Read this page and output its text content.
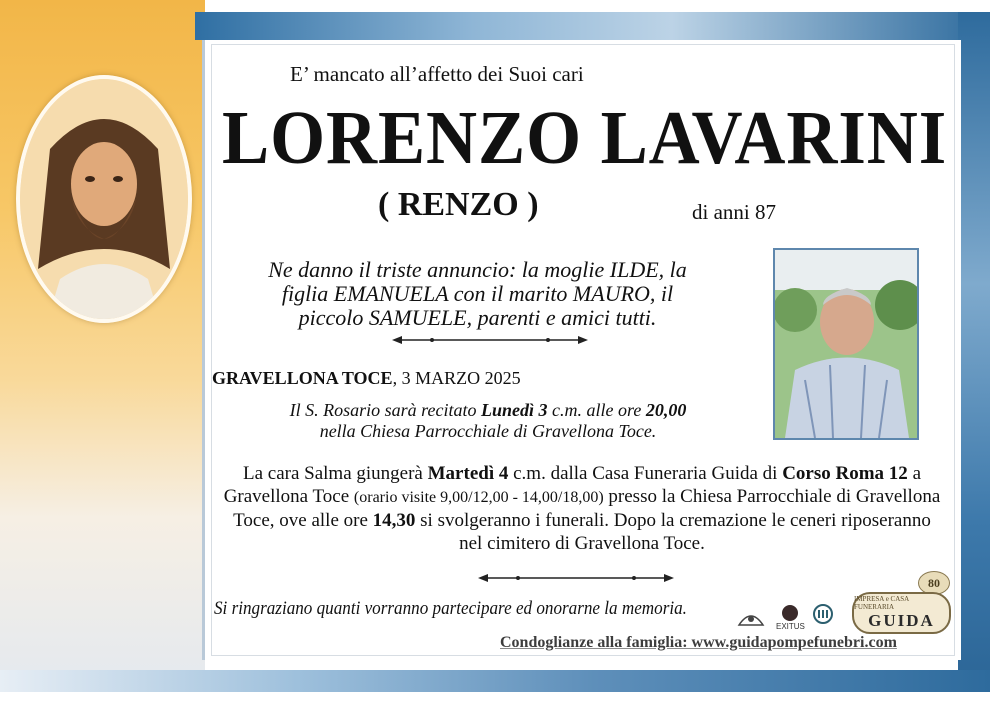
E’ mancato all’affetto dei Suoi cari
LORENZO LAVARINI
( RENZO )	di anni 87
Ne danno il triste annuncio: la moglie ILDE, la figlia EMANUELA con il marito MAURO, il piccolo SAMUELE, parenti e amici tutti.
GRAVELLONA TOCE, 3 MARZO 2025
Il S. Rosario sarà recitato Lunedì 3 c.m. alle ore 20,00
nella Chiesa Parrocchiale di Gravellona Toce.
La cara Salma giungerà Martedì 4 c.m. dalla Casa Funeraria Guida di Corso Roma 12 a Gravellona Toce (orario visite 9,00/12,00 - 14,00/18,00) presso la Chiesa Parrocchiale di Gravellona Toce, ove alle ore 14,30 si svolgeranno i funerali. Dopo la cremazione le ceneri riposeranno nel cimitero di Gravellona Toce.
Si ringraziano quanti vorranno partecipare ed onorarne la memoria.
EXITUS
80
IMPRESA e CASA FUNERARIA
GUIDA
Condoglianze alla famiglia: www.guidapompefunebri.com
